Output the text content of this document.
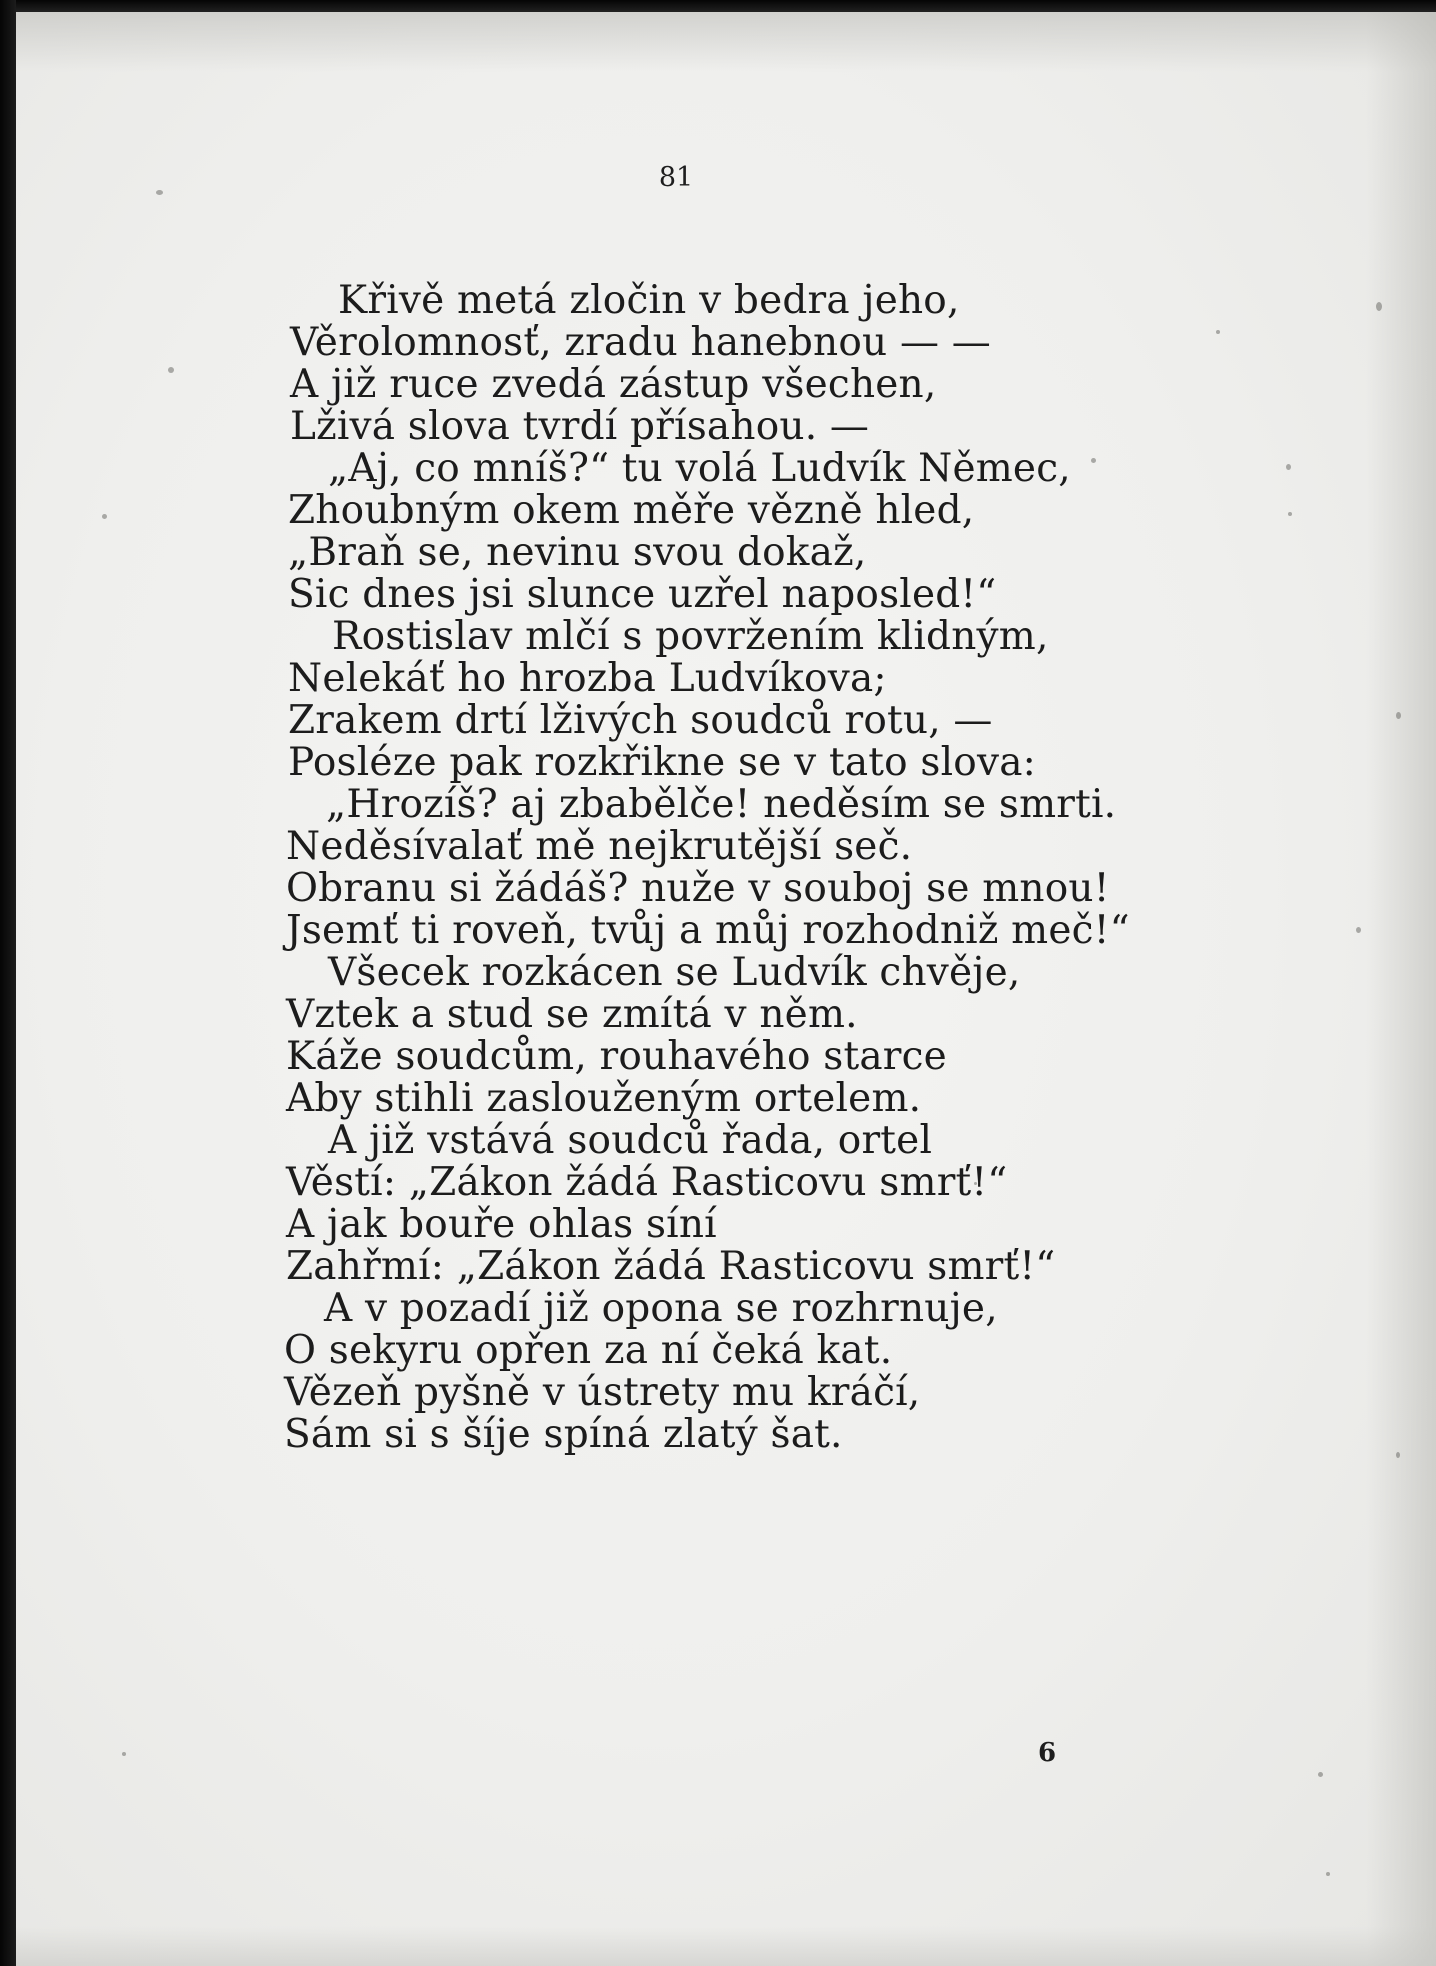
81
Křivě metá zločin v bedra jeho,
Věrolomnosť, zradu hanebnou — —
A již ruce zvedá zástup všechen,
Lživá slova tvrdí přísahou. —
„Aj, co mníš?“ tu volá Ludvík Němec,
Zhoubným okem měře vězně hled,
„Braň se, nevinu svou dokaž,
Sic dnes jsi slunce uzřel naposled!“
Rostislav mlčí s povržením klidným,
Nelekáť ho hrozba Ludvíkova;
Zrakem drtí lživých soudců rotu, —
Posléze pak rozkřikne se v tato slova:
„Hrozíš? aj zbabělče! neděsím se smrti.
Neděsívalať mě nejkrutější seč.
Obranu si žádáš? nuže v souboj se mnou!
Jsemť ti roveň, tvůj a můj rozhodniž meč!“
Všecek rozkácen se Ludvík chvěje,
Vztek a stud se zmítá v něm.
Káže soudcům, rouhavého starce
Aby stihli zaslouženým ortelem.
A již vstává soudců řada, ortel
Věstí: „Zákon žádá Rasticovu smrť!“
A jak bouře ohlas síní
Zahřmí: „Zákon žádá Rasticovu smrť!“
A v pozadí již opona se rozhrnuje,
O sekyru opřen za ní čeká kat.
Vězeň pyšně v ústrety mu kráčí,
Sám si s šíje spíná zlatý šat.
6
